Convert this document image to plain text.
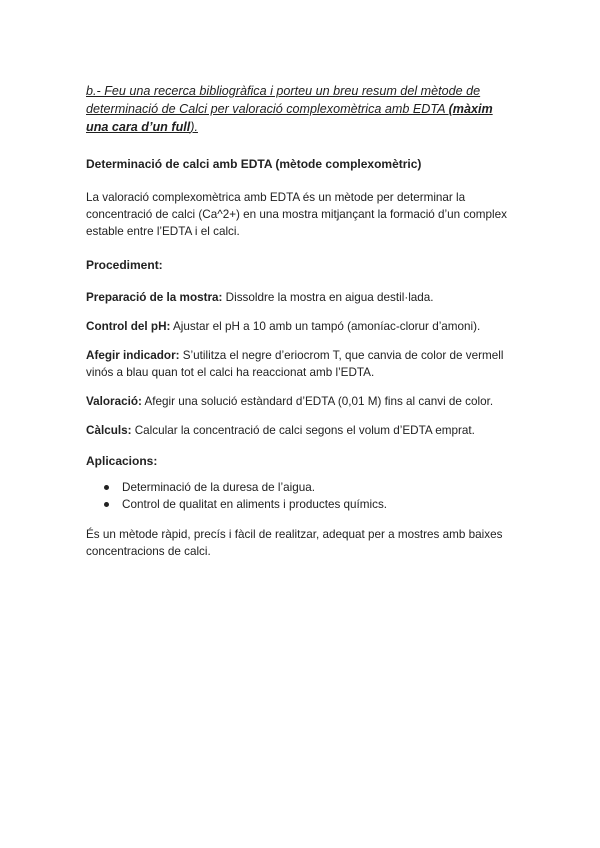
b.- Feu una recerca bibliogràfica i porteu un breu resum del mètode de determinació de Calci per valoració complexomètrica amb EDTA (màxim una cara d’un full).
Determinació de calci amb EDTA (mètode complexomètric)

La valoració complexomètrica amb EDTA és un mètode per determinar la concentració de calci (Ca^2+) en una mostra mitjançant la formació d’un complex estable entre l’EDTA i el calci.

Procediment:
Preparació de la mostra: Dissoldre la mostra en aigua destil·lada.
Control del pH: Ajustar el pH a 10 amb un tampó (amoníac-clorur d’amoni).
Afegir indicador: S’utilitza el negre d’eriocrom T, que canvia de color de vermell vinós a blau quan tot el calci ha reaccionat amb l’EDTA.
Valoració: Afegir una solució estàndard d’EDTA (0,01 M) fins al canvi de color.
Càlculs: Calcular la concentració de calci segons el volum d’EDTA emprat.
Aplicacions:
Determinació de la duresa de l’aigua.
Control de qualitat en aliments i productes químics.

És un mètode ràpid, precís i fàcil de realitzar, adequat per a mostres amb baixes concentracions de calci.
